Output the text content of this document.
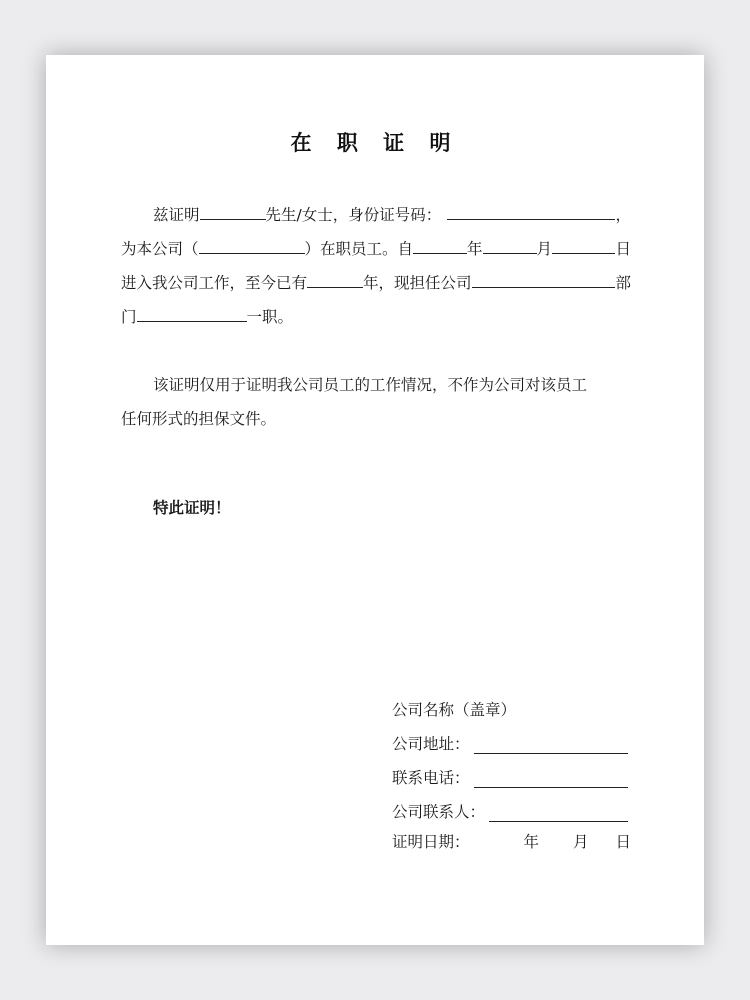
在 职 证 明
兹证明	先生/女士，身份证号码：	，
为本公司（	）在职员工。自	年	月	日
进入我公司工作，至今已有	年，现担任公司	部
门	一职。
该证明仅用于证明我公司员工的工作情况，不作为公司对该员工
任何形式的担保文件。
特此证明！
公司名称（盖章）
公司地址：
联系电话：
公司联系人：
证明日期：	年 月 日
